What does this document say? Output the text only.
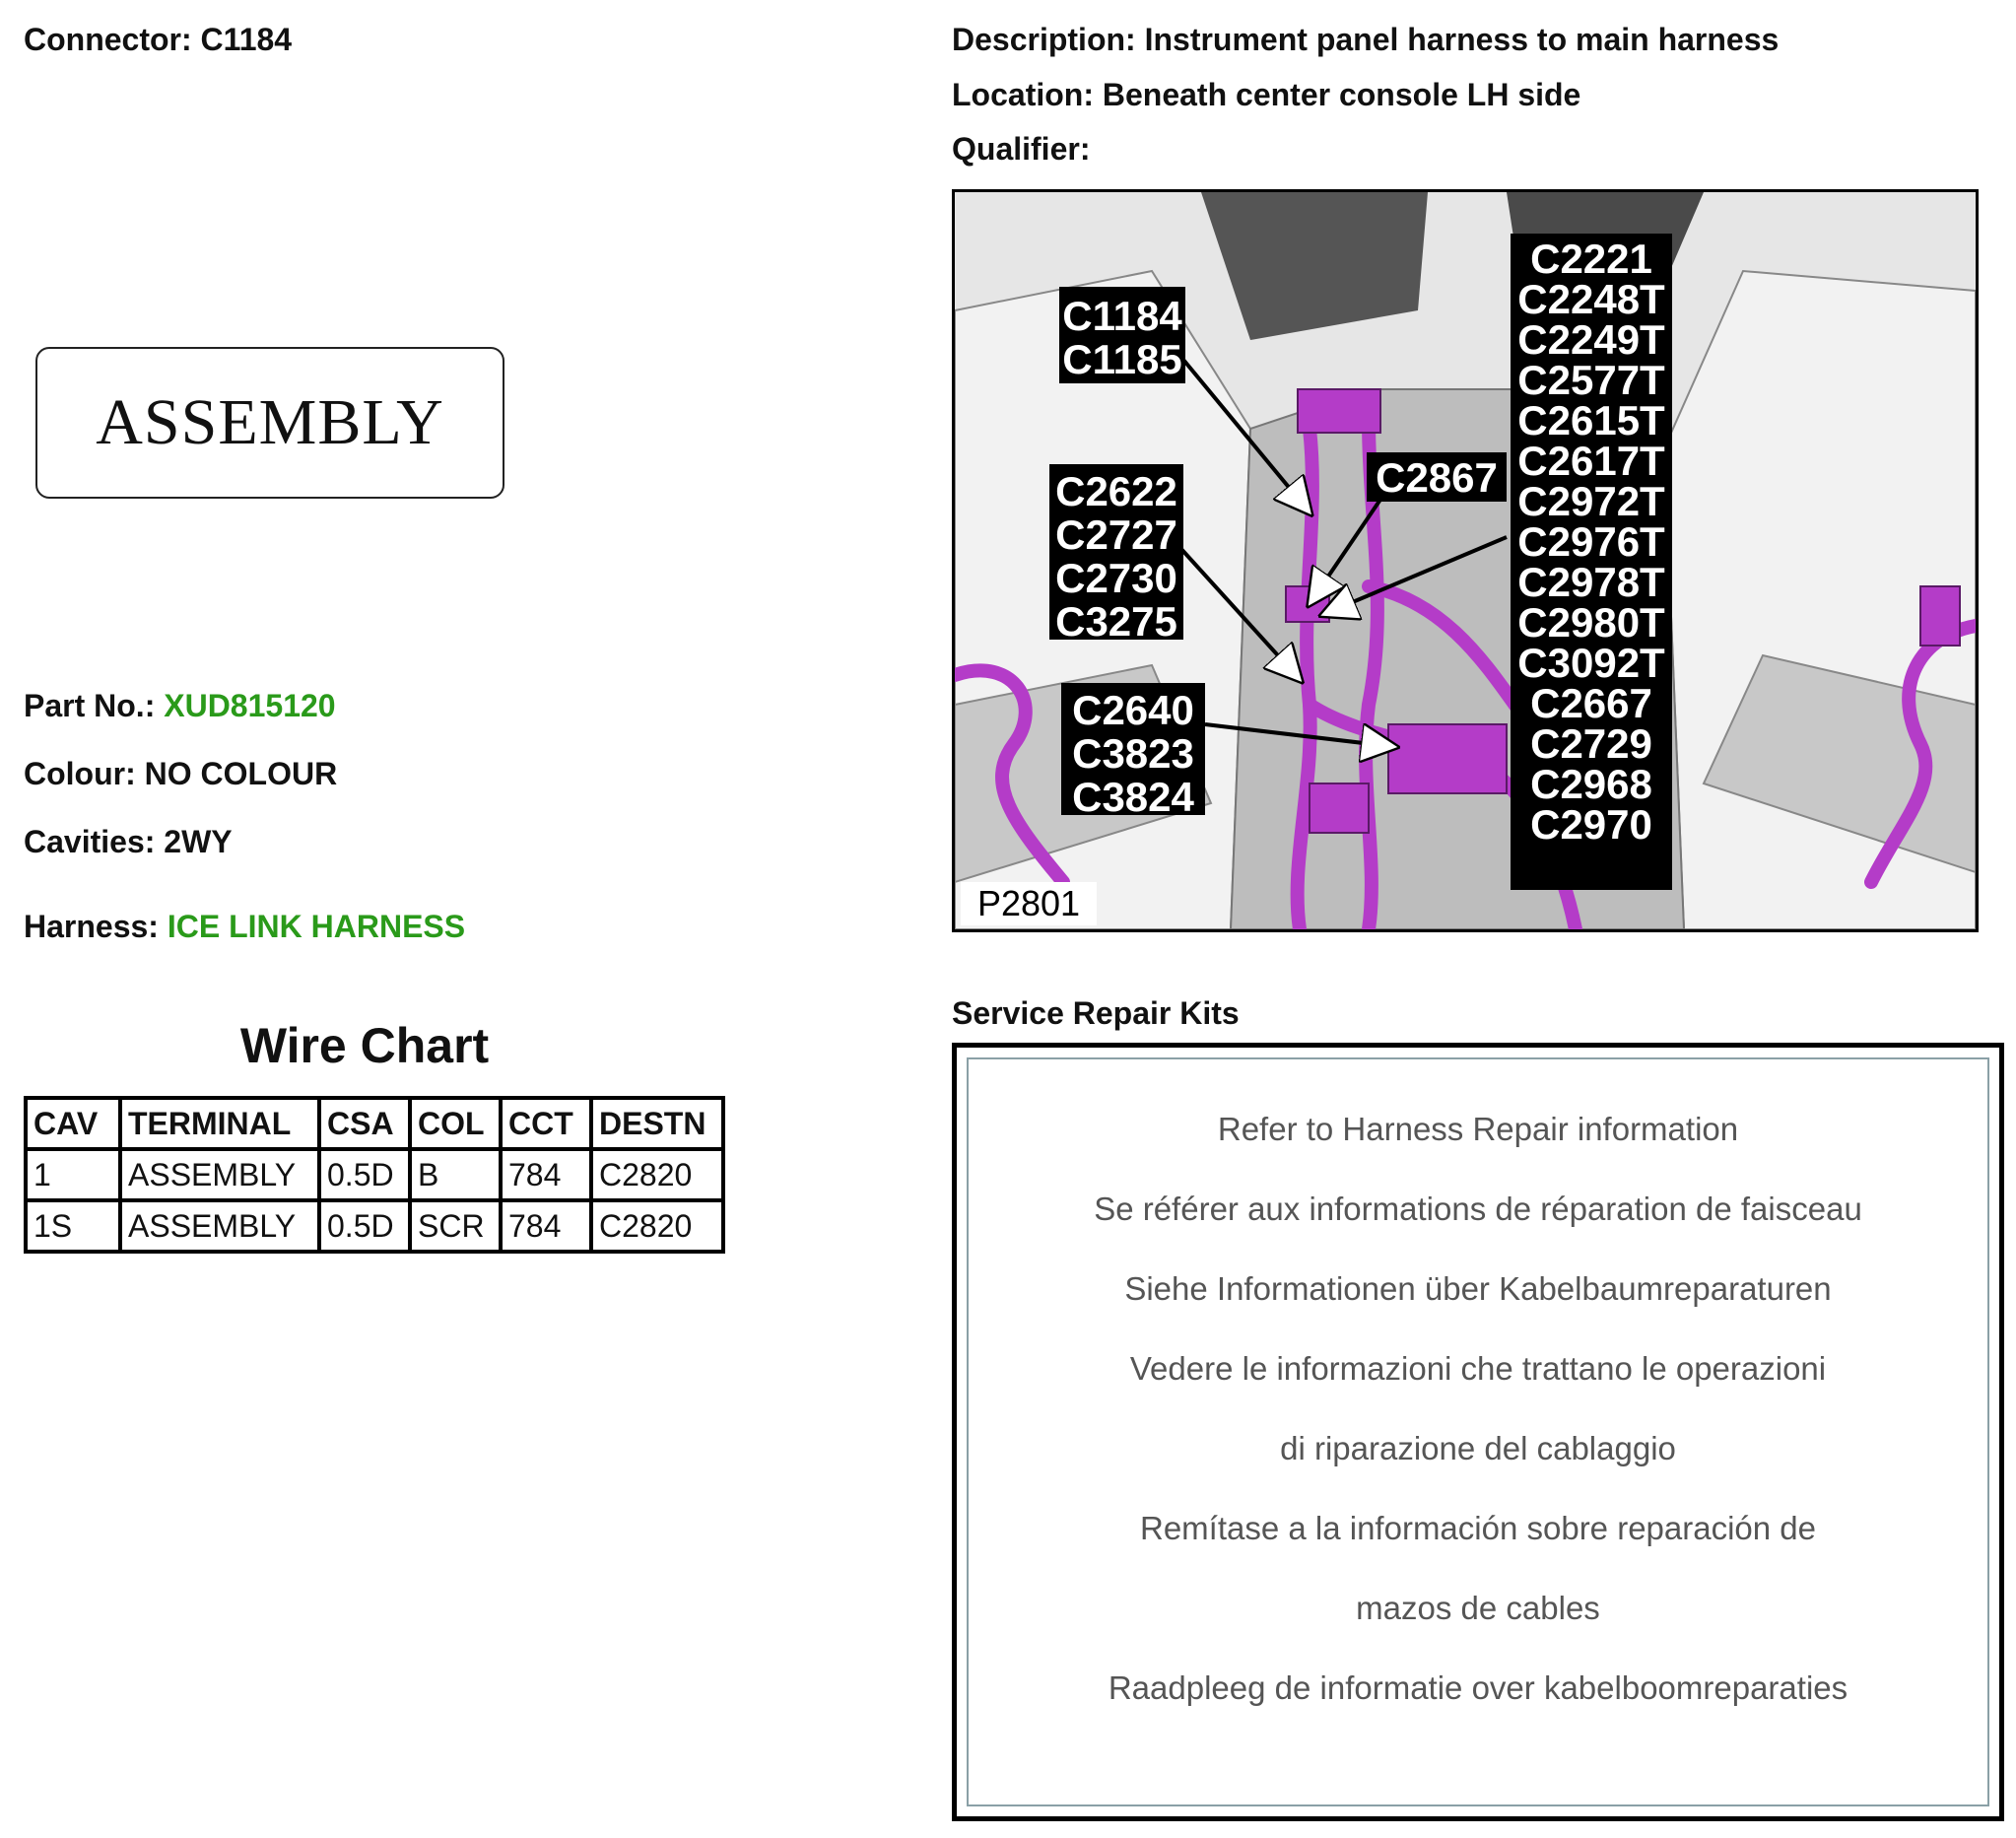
Connector: C1184	Description: Instrument panel harness to main harness
Location: Beneath center console LH side
Qualifier:
ASSEMBLY
Part No.: XUD815120
Colour: NO COLOUR
Cavities: 2WY
Harness: ICE LINK HARNESS
Wire Chart
CAV	TERMINAL	CSA	COL	CCT	DESTN
1	ASSEMBLY	0.5D	B	784	C2820
1S	ASSEMBLY	0.5D	SCR	784	C2820
C1184
C1185
C2622
C2727
C2730
C3275
C2640
C3823
C3824
C2867
C2221
C2248T
C2249T
C2577T
C2615T
C2617T
C2972T
C2976T
C2978T
C2980T
C3092T
C2667
C2729
C2968
C2970
P2801
Service Repair Kits
Refer to Harness Repair information
Se référer aux informations de réparation de faisceau
Siehe Informationen über Kabelbaumreparaturen
Vedere le informazioni che trattano le operazioni
di riparazione del cablaggio
Remítase a la información sobre reparación de
mazos de cables
Raadpleeg de informatie over kabelboomreparaties
